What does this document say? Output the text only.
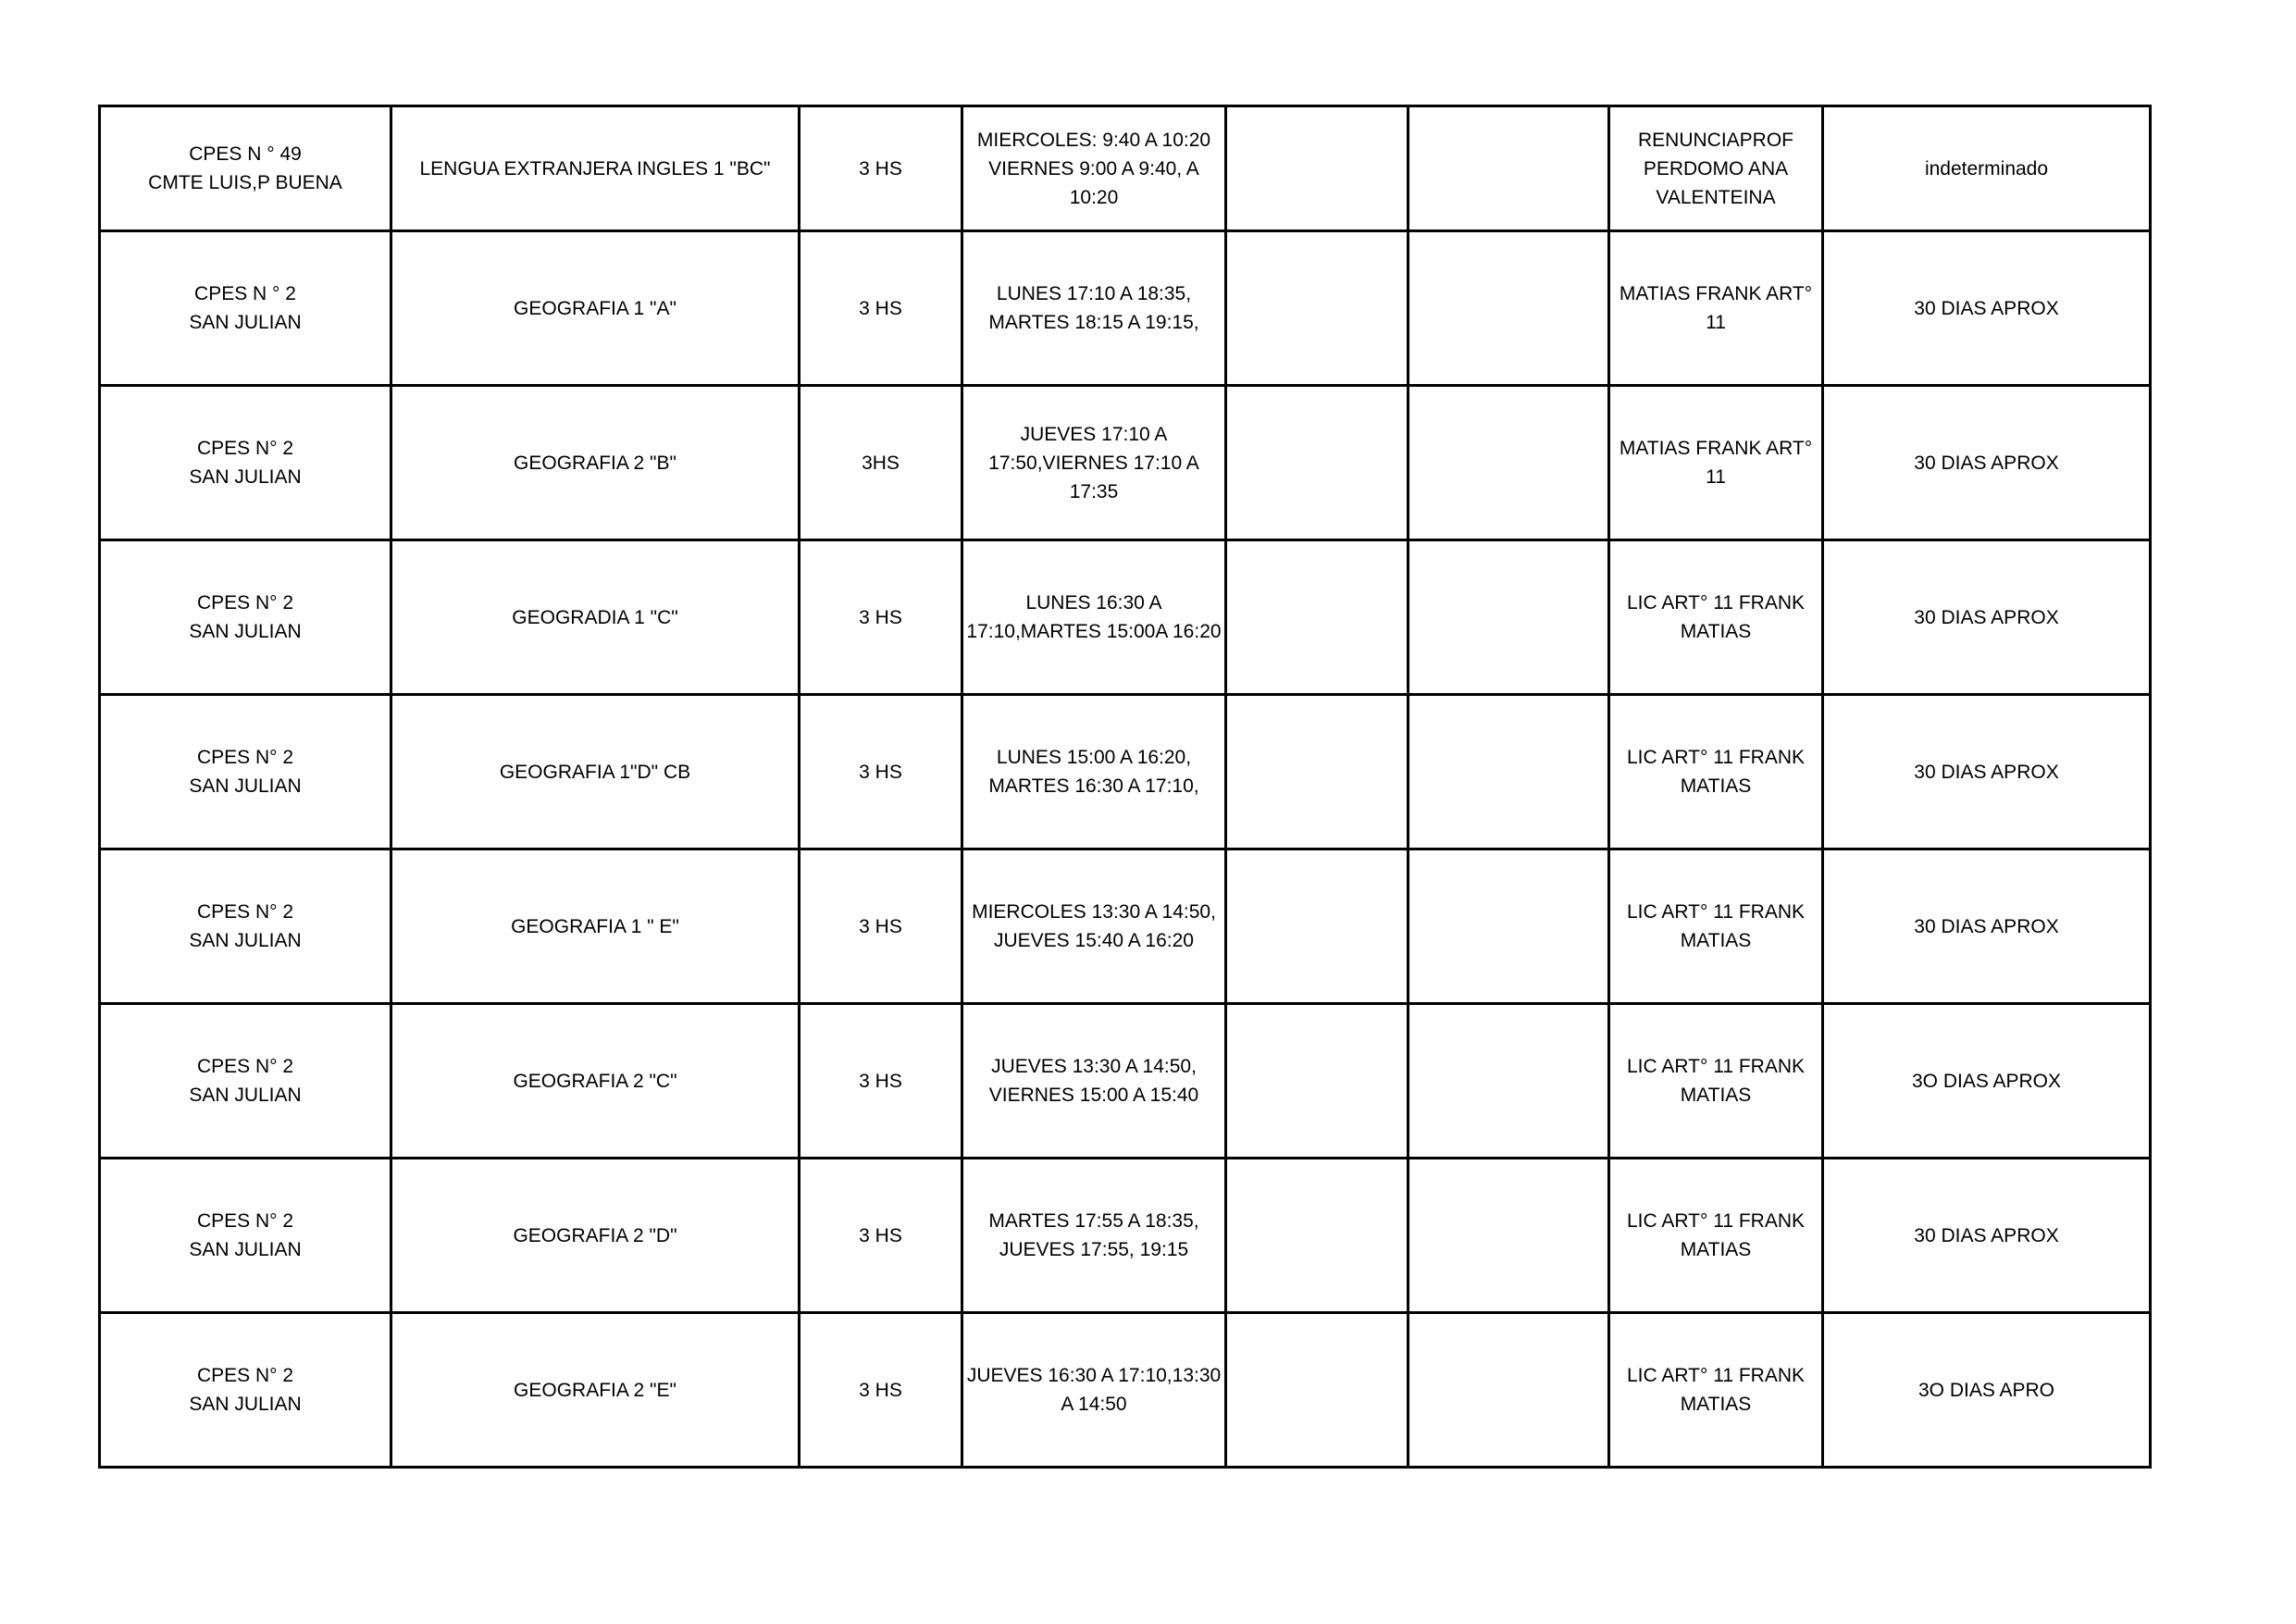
CPES N ° 49
CMTE LUIS,P BUENA	LENGUA EXTRANJERA INGLES 1 "BC"	3 HS	MIERCOLES: 9:40 A 10:20
VIERNES 9:00 A 9:40, A 10:20			RENUNCIAPROF
PERDOMO ANA
VALENTEINA	indeterminado
CPES N ° 2
SAN JULIAN	GEOGRAFIA 1 "A"	3 HS	LUNES 17:10 A 18:35,
MARTES 18:15 A 19:15,			MATIAS FRANK ART° 11	30 DIAS APROX
CPES N° 2
SAN JULIAN	GEOGRAFIA 2 "B"	3HS	JUEVES 17:10 A
17:50,VIERNES 17:10 A 17:35			MATIAS FRANK ART° 11	30 DIAS APROX
CPES N° 2
SAN JULIAN	GEOGRADIA 1 "C"	3 HS	LUNES 16:30 A
17:10,MARTES 15:00A 16:20			LIC ART° 11 FRANK
MATIAS	30 DIAS APROX
CPES N° 2
SAN JULIAN	GEOGRAFIA 1"D" CB	3 HS	LUNES 15:00 A 16:20,
MARTES 16:30 A 17:10,			LIC ART° 11 FRANK
MATIAS	30 DIAS APROX
CPES N° 2
SAN JULIAN	GEOGRAFIA 1 " E"	3 HS	MIERCOLES 13:30 A 14:50,
JUEVES 15:40 A 16:20			LIC ART° 11 FRANK
MATIAS	30 DIAS APROX
CPES N° 2
SAN JULIAN	GEOGRAFIA 2 "C"	3 HS	JUEVES 13:30 A 14:50,
VIERNES 15:00 A 15:40			LIC ART° 11 FRANK
MATIAS	3O DIAS APROX
CPES N° 2
SAN JULIAN	GEOGRAFIA 2 "D"	3 HS	MARTES 17:55 A 18:35,
JUEVES 17:55, 19:15			LIC ART° 11 FRANK
MATIAS	30 DIAS APROX
CPES N° 2
SAN JULIAN	GEOGRAFIA 2 "E"	3 HS	JUEVES 16:30 A 17:10,13:30
A 14:50			LIC ART° 11 FRANK
MATIAS	3O DIAS APRO
